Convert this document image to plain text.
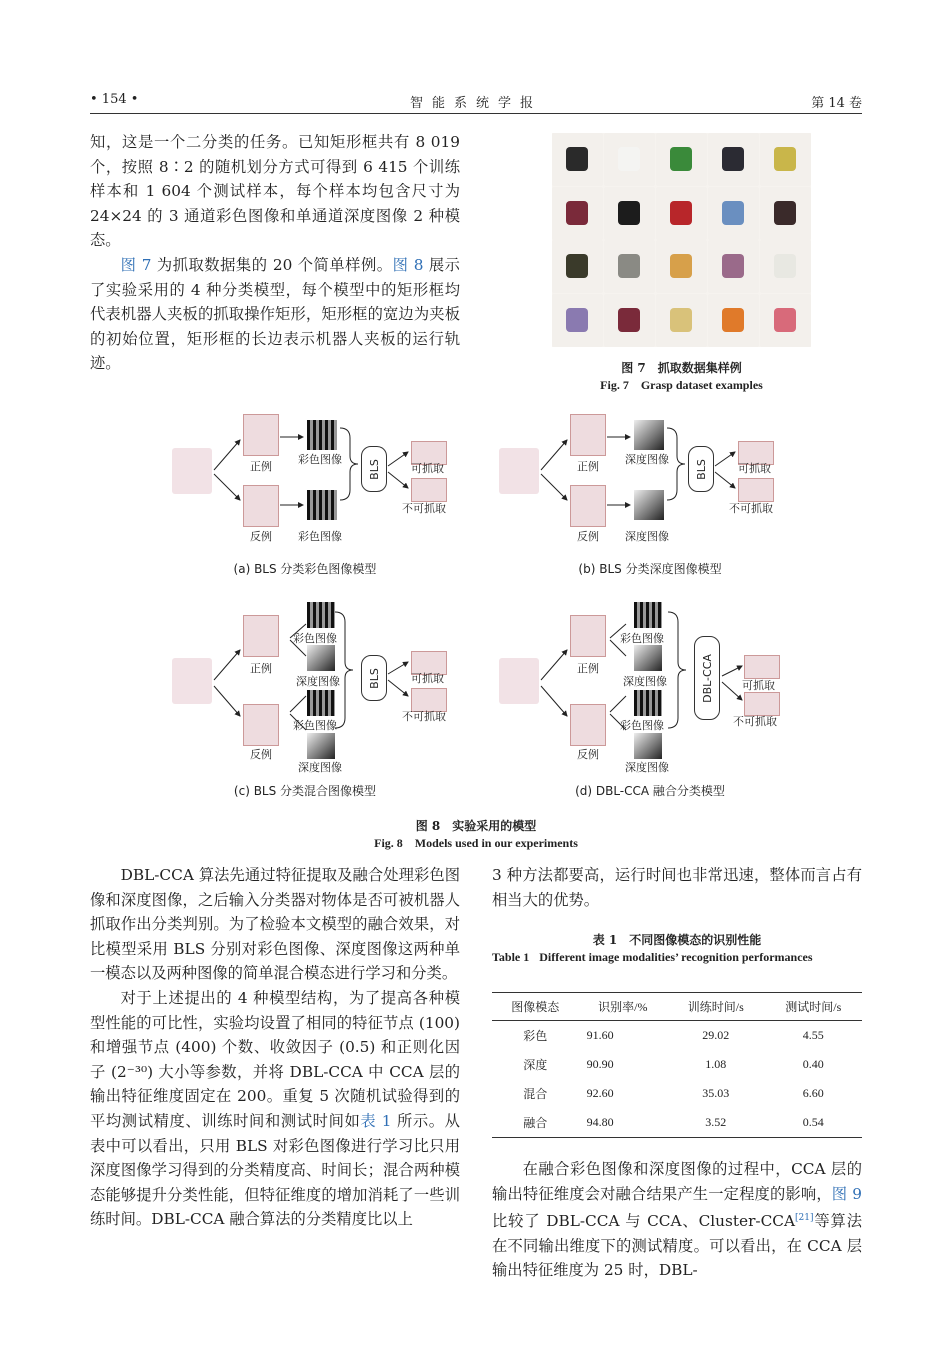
• 154 •	智能系统学报	第 14 卷

知，这是一个二分类的任务。已知矩形框共有 8 019 个，按照 8∶2 的随机划分方式可得到 6 415 个训练样本和 1 604 个测试样本，每个样本均包含尺寸为 24×24 的 3 通道彩色图像和单通道深度图像 2 种模态。

图 7 为抓取数据集的 20 个简单样例。图 8 展示了实验采用的 4 种分类模型，每个模型中的矩形框均代表机器人夹板的抓取操作矩形，矩形框的宽边为夹板的初始位置，矩形框的长边表示机器人夹板的运行轨迹。	图 7　抓取数据集样例
Fig. 7　Grasp dataset examples
正例
反例
彩色图像
彩色图像
BLS	可抓取
不可抓取
(a) BLS 分类彩色图像模型
正例
反例
深度图像
深度图像
BLS	可抓取
不可抓取
(b) BLS 分类深度图像模型
正例
反例
彩色图像
深度图像
彩色图像
深度图像
BLS	可抓取
不可抓取
(c) BLS 分类混合图像模型
正例
反例
彩色图像
深度图像
彩色图像
深度图像
DBL-CCA	可抓取
不可抓取
(d) DBL-CCA 融合分类模型
图 8　实验采用的模型
Fig. 8　Models used in our experiments

DBL-CCA 算法先通过特征提取及融合处理彩色图像和深度图像，之后输入分类器对物体是否可被机器人抓取作出分类判别。为了检验本文模型的融合效果，对比模型采用 BLS 分别对彩色图像、深度图像这两种单一模态以及两种图像的简单混合模态进行学习和分类。

对于上述提出的 4 种模型结构，为了提高各种模型性能的可比性，实验均设置了相同的特征节点 (100) 和增强节点 (400) 个数、收敛因子 (0.5) 和正则化因子 (2⁻³⁰) 大小等参数，并将 DBL-CCA 中 CCA 层的输出特征维度固定在 200。重复 5 次随机试验得到的平均测试精度、训练时间和测试时间如表 1 所示。从表中可以看出，只用 BLS 对彩色图像进行学习比只用深度图像学习得到的分类精度高、时间长；混合两种模态能够提升分类性能，但特征维度的增加消耗了一些训练时间。DBL-CCA 融合算法的分类精度比以上

3 种方法都要高，运行时间也非常迅速，整体而言占有相当大的优势。

表 1　不同图像模态的识别性能
Table 1 Different image modalities’ recognition performances
图像模态	识别率/%	训练时间/s	测试时间/s
彩色	91.60	29.02	4.55
深度	90.90	1.08	0.40
混合	92.60	35.03	6.60
融合	94.80	3.52	0.54

在融合彩色图像和深度图像的过程中，CCA 层的输出特征维度会对融合结果产生一定程度的影响，图 9 比较了 DBL-CCA 与 CCA、Cluster-CCA[21]等算法在不同输出维度下的测试精度。可以看出，在 CCA 层输出特征维度为 25 时，DBL-
